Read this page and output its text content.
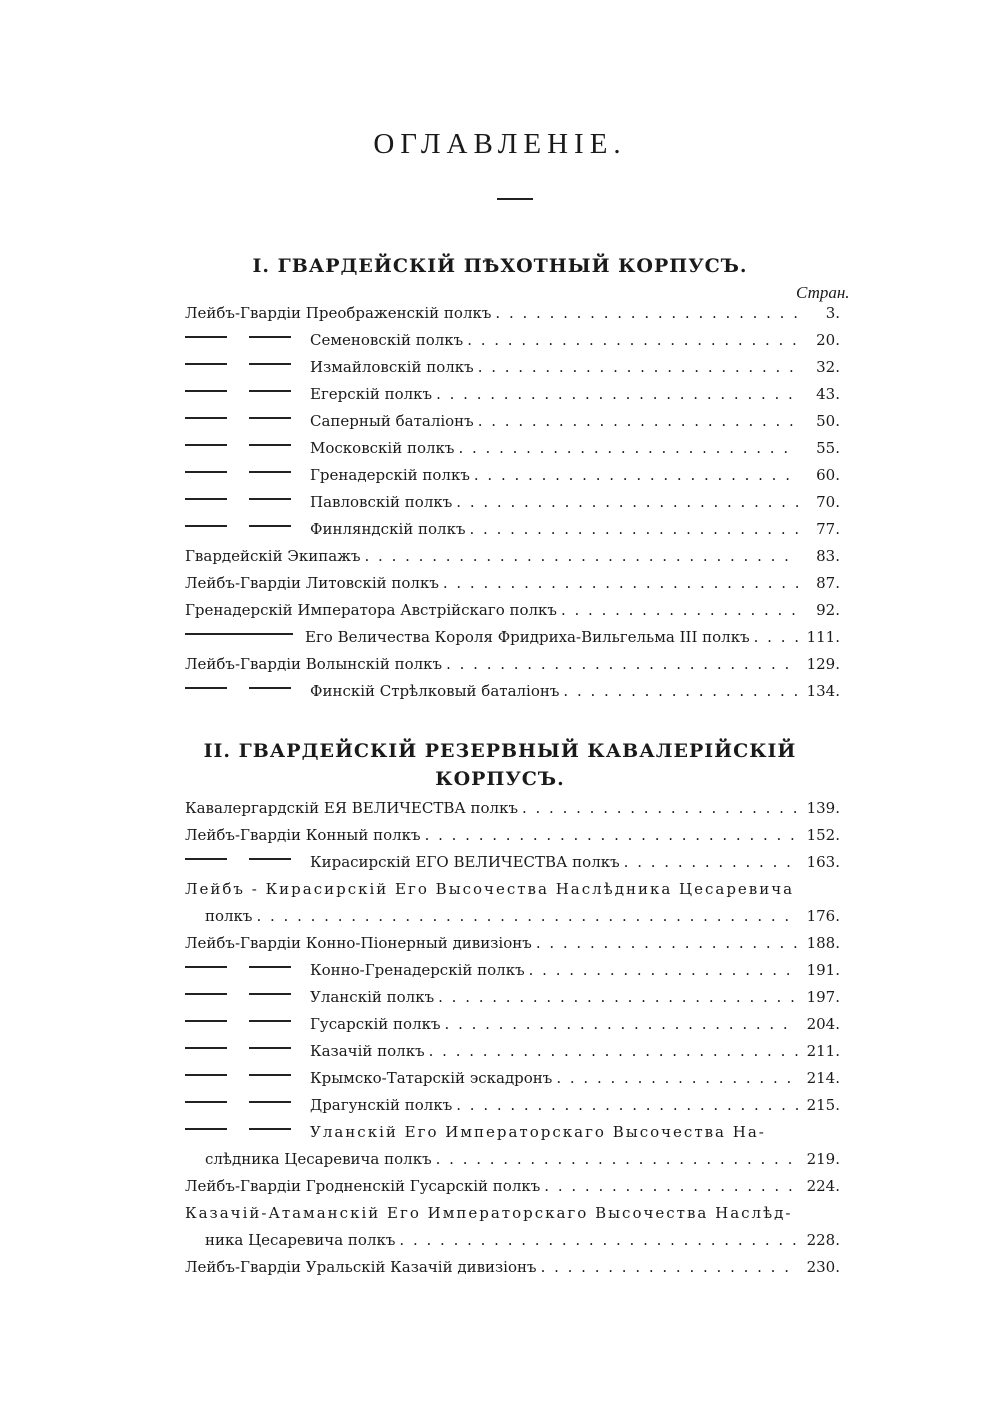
ОГЛАВЛЕНІЕ.
I. ГВАРДЕЙСКІЙ ПѢХОТНЫЙ КОРПУСЪ.
Стран.
Лейбъ-Гвардіи Преображенскій полкъ . . .	3.
Семеновскій полкъ . . .	20.
Измайловскій полкъ . . .	32.
Егерскій полкъ . . .	43.
Саперный баталіонъ . . .	50.
Московскій полкъ . . .	55.
Гренадерскій полкъ . . .	60.
Павловскій полкъ . . .	70.
Финляндскій полкъ . . .	77.
Гвардейскій Экипажъ . . .	83.
Лейбъ-Гвардіи Литовскій полкъ . . .	87.
Гренадерскій Императора Австрійскаго полкъ . . .	92.
Его Величества Короля Фридриха-Вильгельма III полкъ . . .	111.
Лейбъ-Гвардіи Волынскій полкъ . . .	129.
Финскій Стрѣлковый баталіонъ . . .	134.
II. ГВАРДЕЙСКІЙ РЕЗЕРВНЫЙ КАВАЛЕРІЙСКІЙ
КОРПУСЪ.
Кавалергардскій ЕЯ ВЕЛИЧЕСТВА полкъ . . .	139.
Лейбъ-Гвардіи Конный полкъ . . .	152.
Кирасирскій ЕГО ВЕЛИЧЕСТВА полкъ . . .	163.
Лейбъ - Кирасирскій Его Высочества Наслѣдника Цесаревича
полкъ . . .	176.
Лейбъ-Гвардіи Конно-Піонерный дивизіонъ . . .	188.
Конно-Гренадерскій полкъ . . .	191.
Уланскій полкъ . . .	197.
Гусарскій полкъ . . .	204.
Казачій полкъ . . .	211.
Крымско-Татарскій эскадронъ . . .	214.
Драгунскій полкъ . . .	215.
Уланскій Его Императорскаго Высочества На-
слѣдника Цесаревича полкъ . . .	219.
Лейбъ-Гвардіи Гродненскій Гусарскій полкъ . . .	224.
Казачій-Атаманскій Его Императорскаго Высочества Наслѣд-
ника Цесаревича полкъ . . .	228.
Лейбъ-Гвардіи Уральскій Казачій дивизіонъ . . .	230.
